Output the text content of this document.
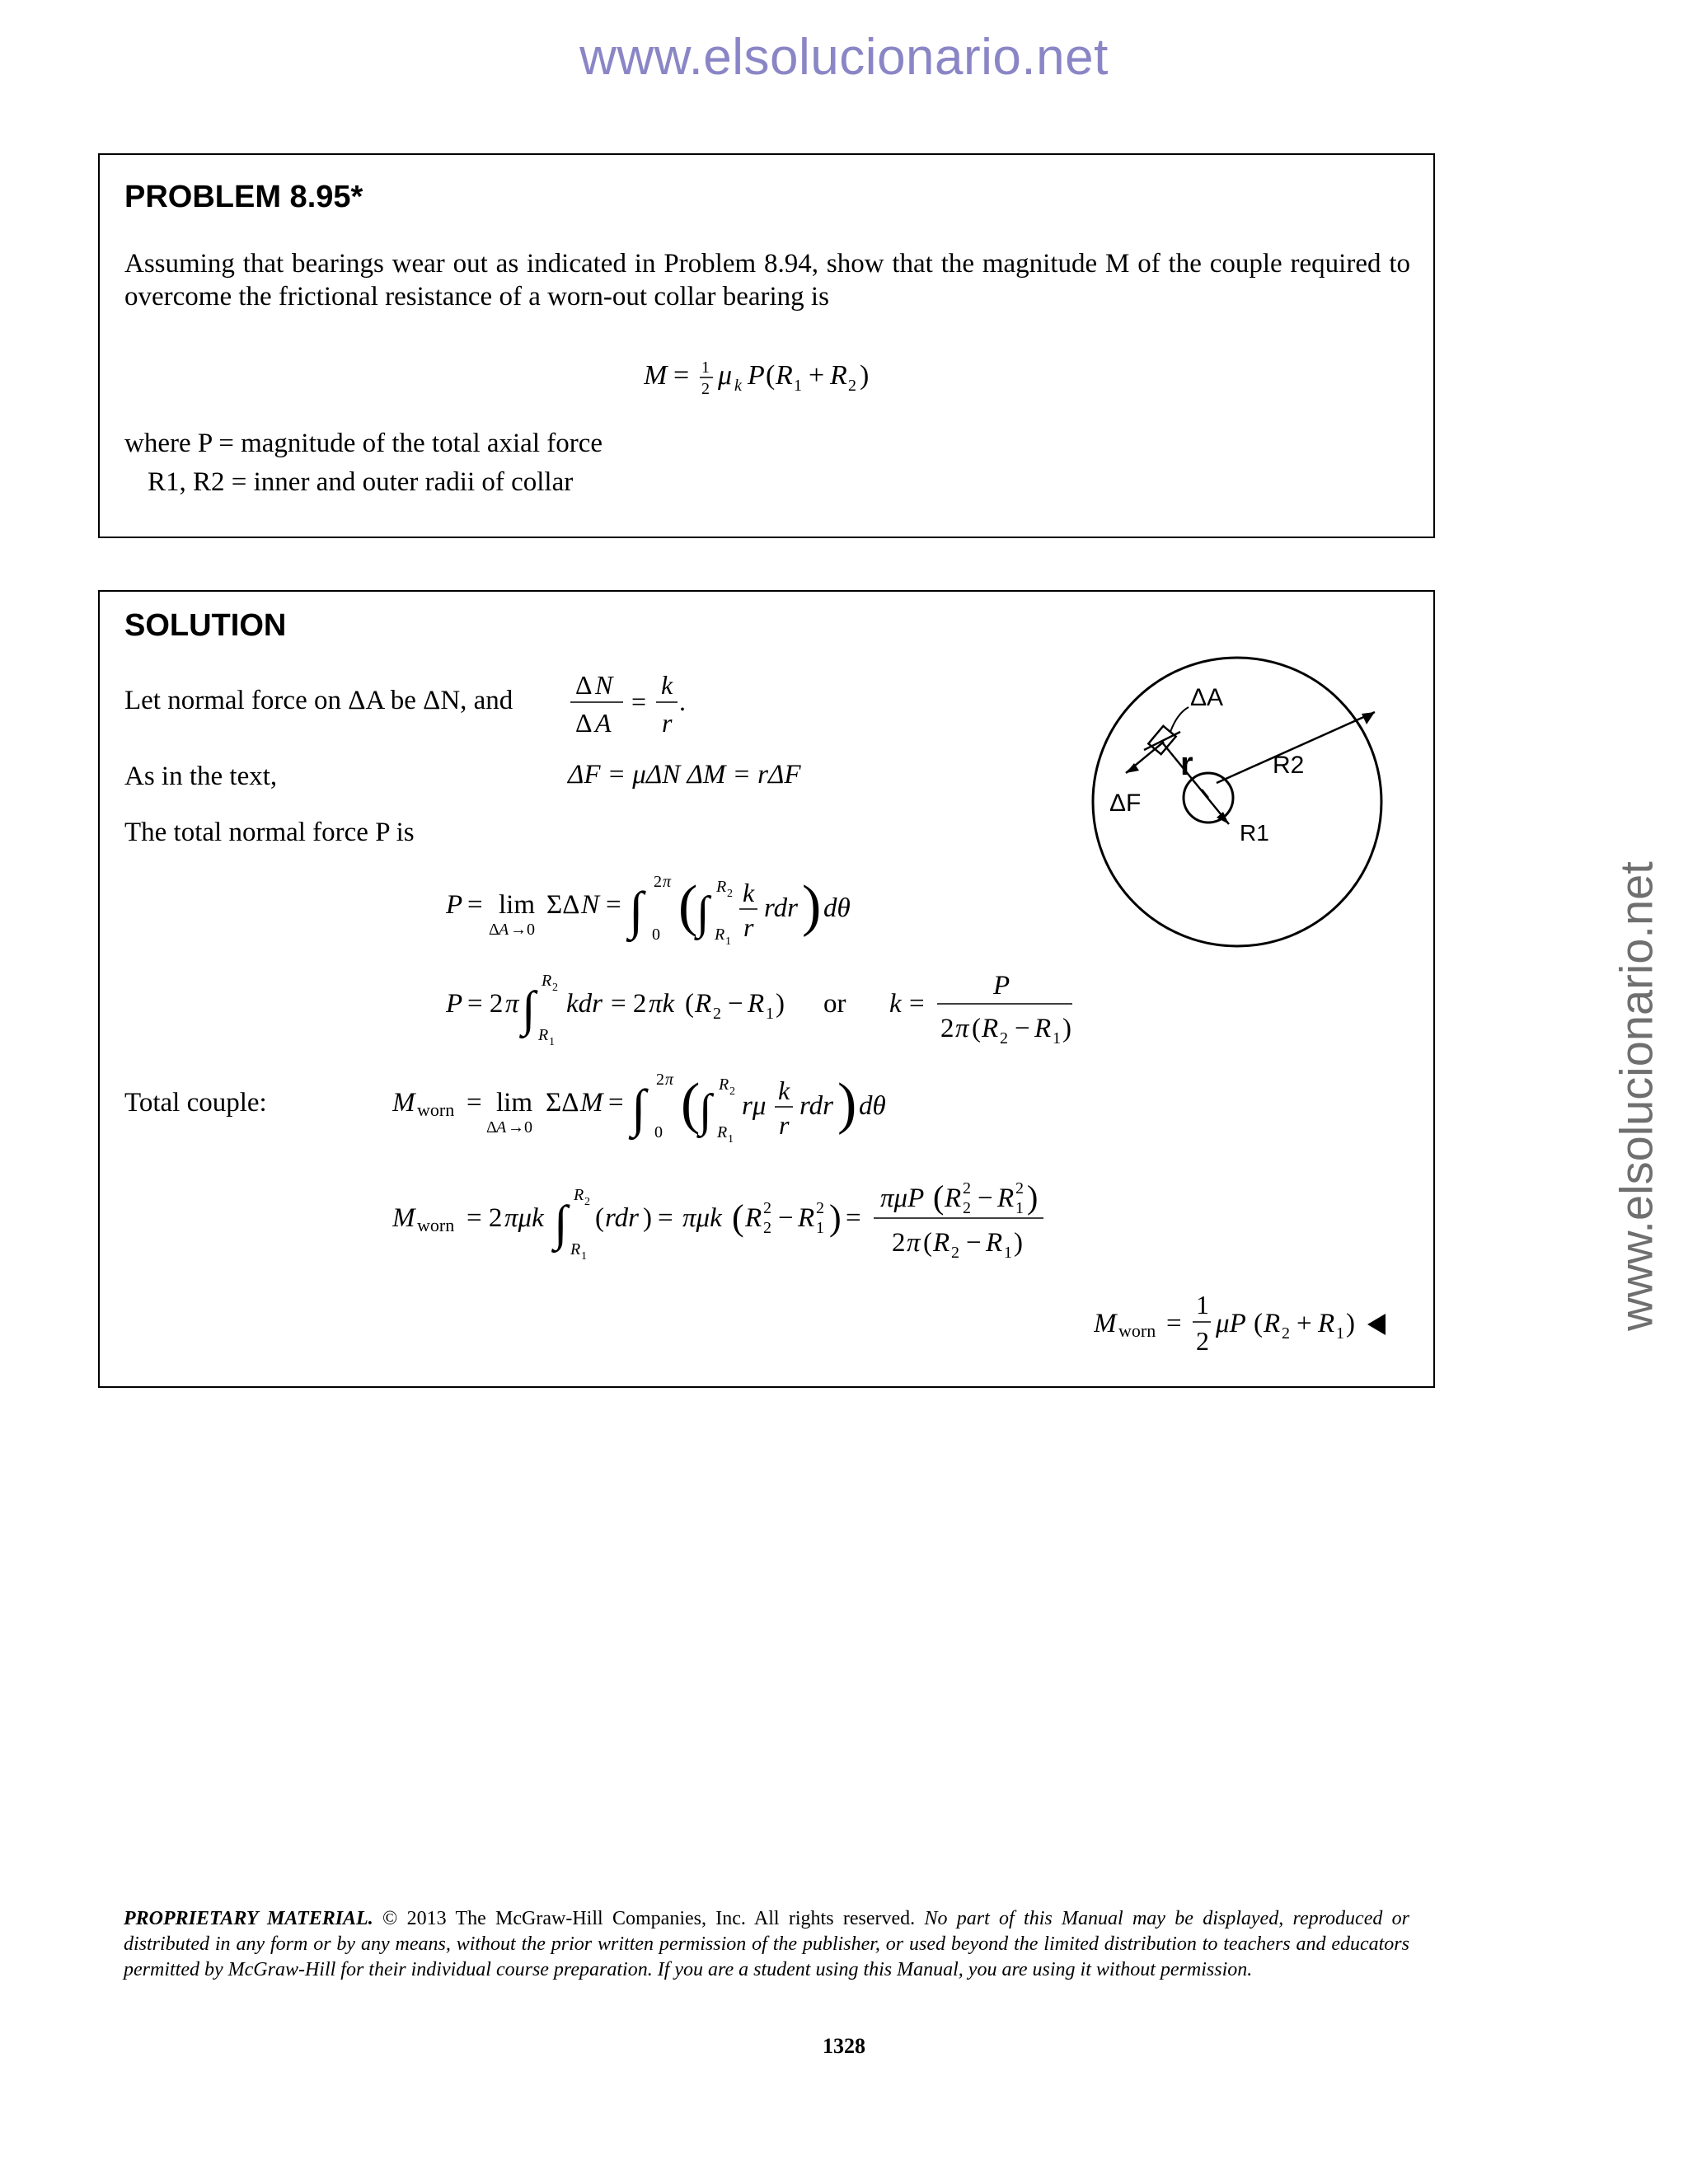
www.elsolucionario.net
www.elsolucionario.net
PROBLEM 8.95*
Assuming that bearings wear out as indicated in Problem 8.94, show that the magnitude M of the couple required to overcome the frictional resistance of a worn-out collar bearing is
M = 1
2 μ k P ( R 1 + R 2 )
where P = magnitude of the total axial force
R1, R2 = inner and outer radii of collar
SOLUTION
Let normal force on ΔA be ΔN, and
Δ N
Δ A
=
k
r
.
As in the text,	ΔF = μΔN ΔM = rΔF
The total normal force P is
P = lim
Δ A →0
ΣΔ N = ∫ 2 π
0 (
∫
R 2
R 1
k
r
rdr ) dθ
P = 2 π ∫
R 2
R 1
kdr = 2 πk ( R 2 − R 1 ) or k =
P
2 π ( R 2 − R 1 )
Total couple:	M worn = lim
Δ A →0
ΣΔ M = ∫ 2 π
0 (
∫
R 2
R 1
rμ
k
r
rdr ) dθ
M worn = 2 πμk ∫
R 2
R 1
( rdr ) = πμk ( R 2
2 − R 2
1 ) =
πμP ( R 2
2 − R 2
1 )
2 π ( R 2 − R 1 )
M worn =
1
2
μP ( R 2 + R 1 )
ΔA
ΔF
r	R2
R1
PROPRIETARY MATERIAL. © 2013 The McGraw-Hill Companies, Inc. All rights reserved. No part of this Manual may be displayed, reproduced or distributed in any form or by any means, without the prior written permission of the publisher, or used beyond the limited distribution to teachers and educators permitted by McGraw-Hill for their individual course preparation. If you are a student using this Manual, you are using it without permission.
1328
